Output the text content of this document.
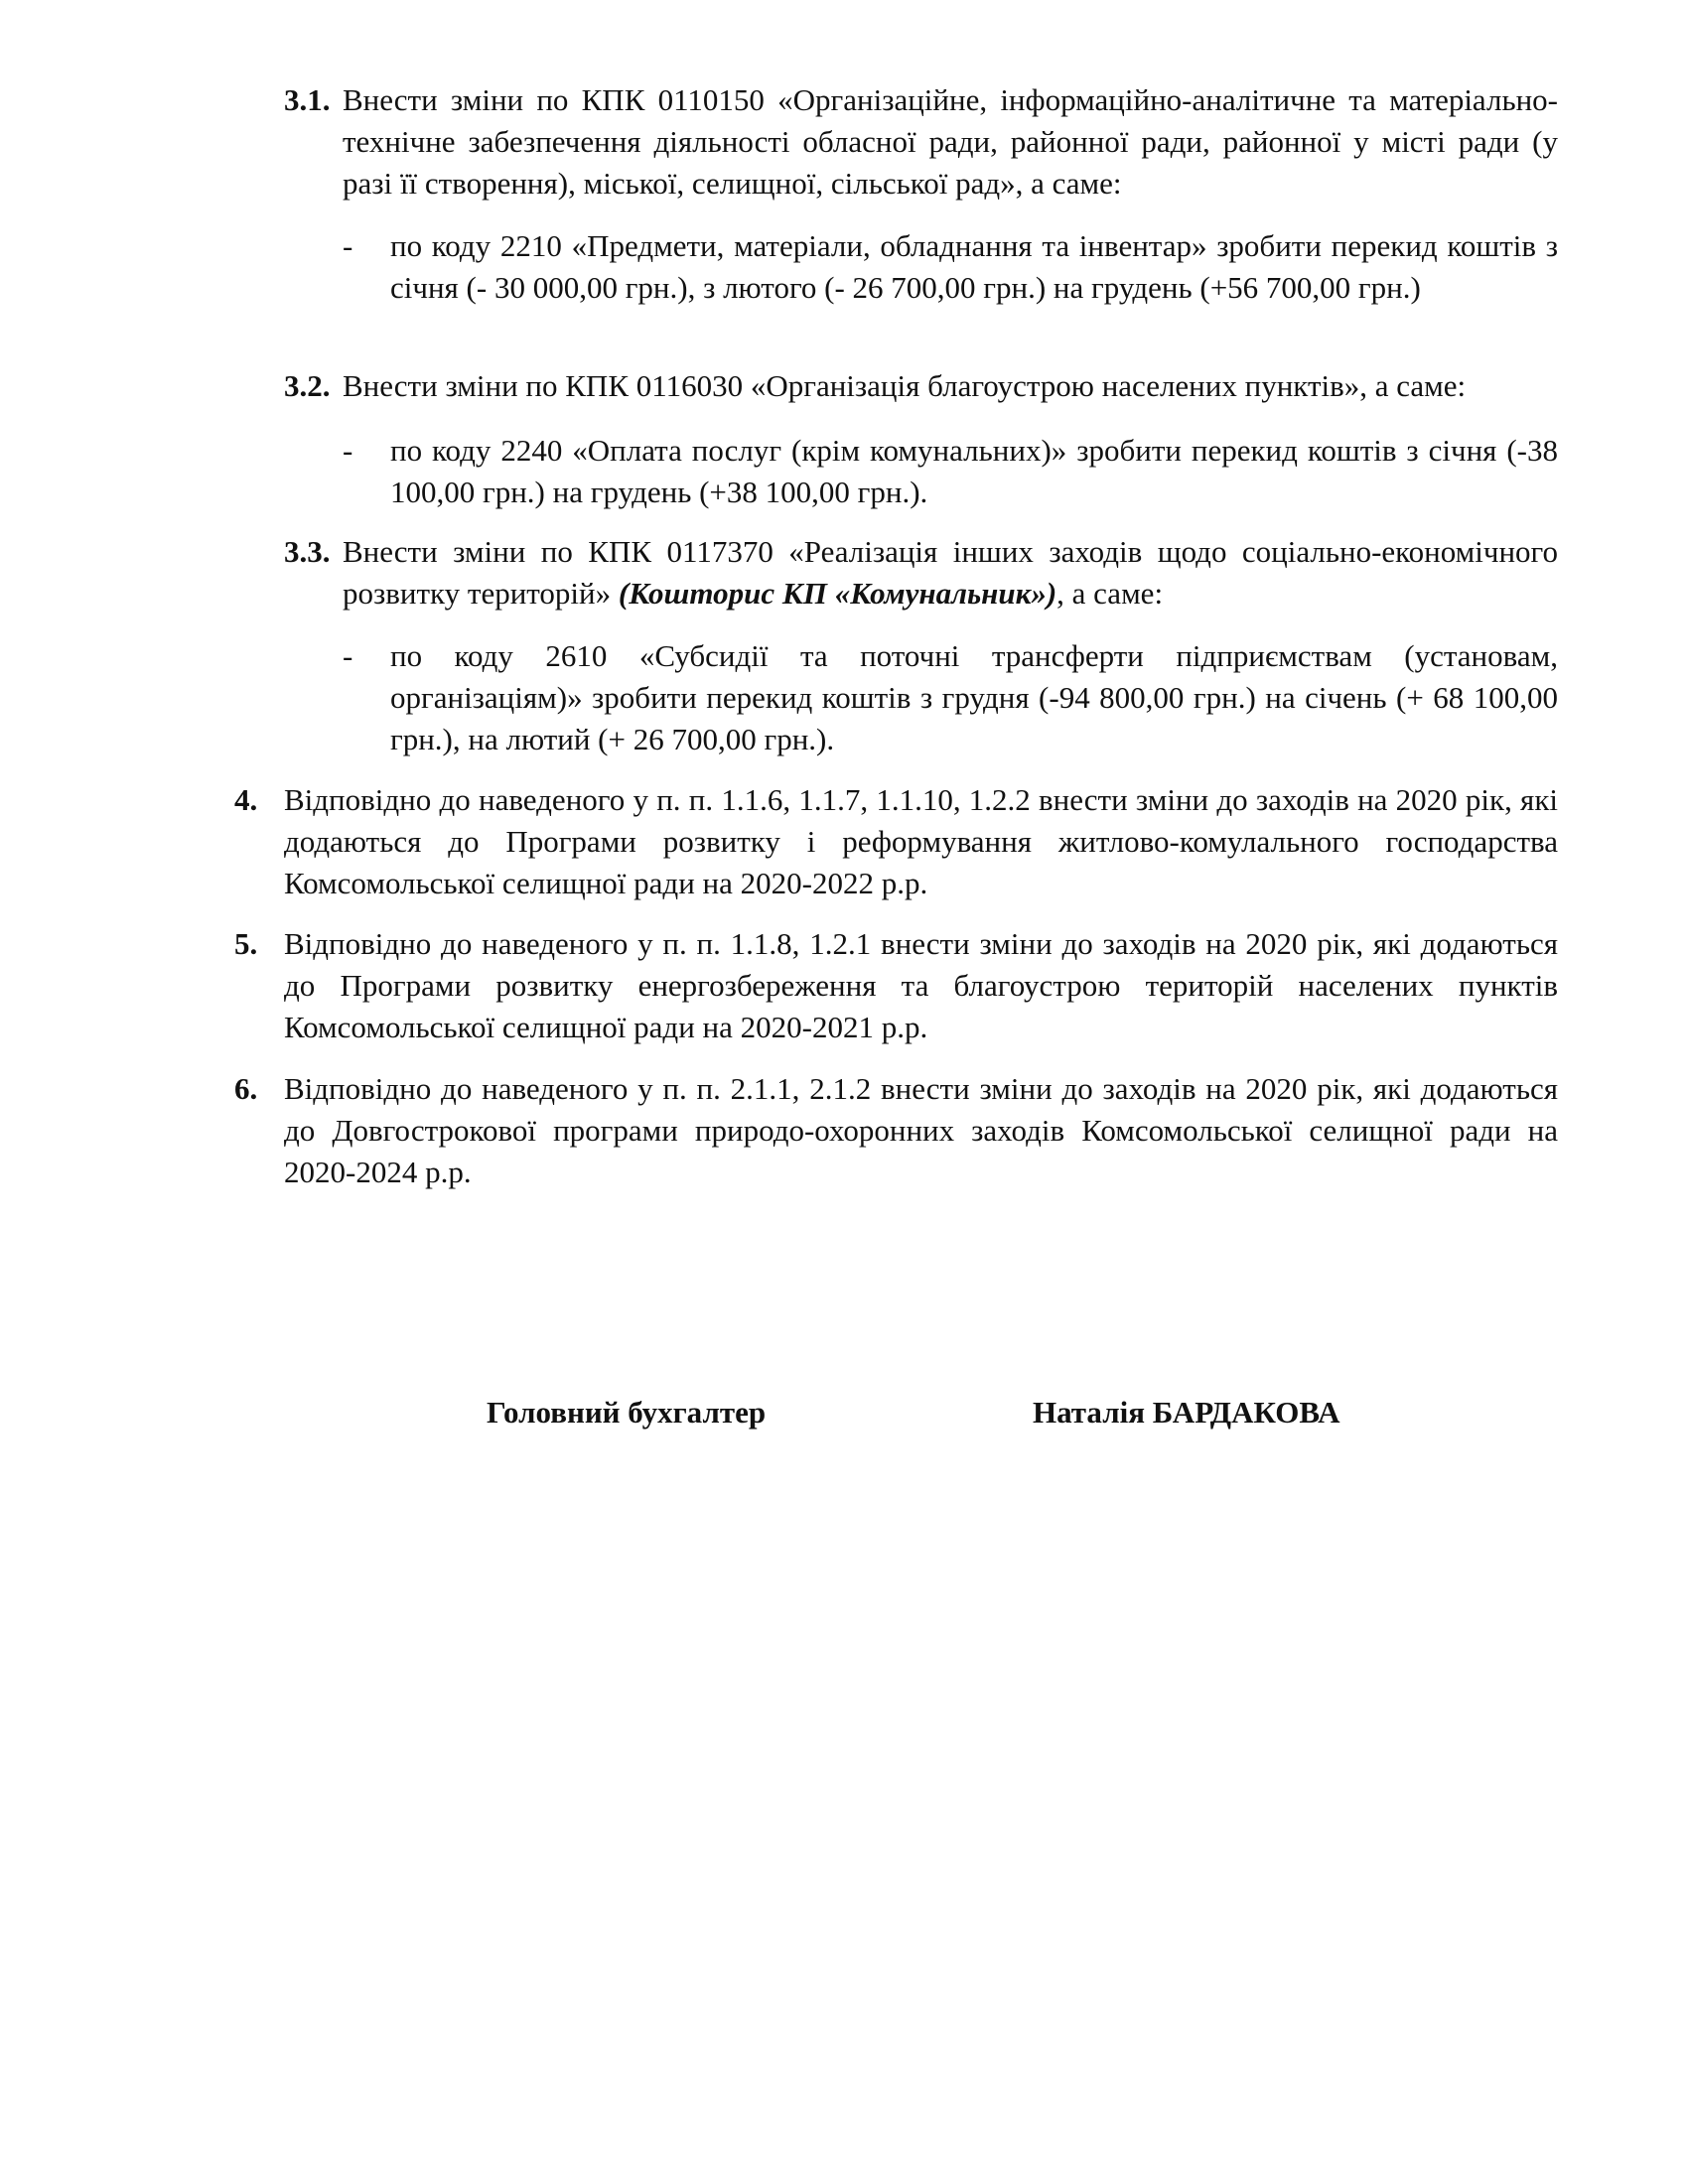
3.1. Внести зміни по КПК 0110150 «Організаційне, інформаційно-аналітичне та матеріально-технічне забезпечення діяльності обласної ради, районної ради, районної у місті ради (у разі її створення), міської, селищної, сільської рад», а саме:
- по коду 2210 «Предмети, матеріали, обладнання та інвентар» зробити перекид коштів з січня (- 30 000,00 грн.), з лютого (- 26 700,00 грн.) на грудень (+56 700,00 грн.)
3.2. Внести зміни по КПК 0116030 «Організація благоустрою населених пунктів», а саме:
- по коду 2240 «Оплата послуг (крім комунальних)» зробити перекид коштів з січня (-38 100,00 грн.) на грудень (+38 100,00 грн.).
3.3. Внести зміни по КПК 0117370 «Реалізація інших заходів щодо соціально-економічного розвитку територій» (Кошторис КП «Комунальник»), а саме:
- по коду 2610 «Субсидії та поточні трансферти підприємствам (установам, організаціям)» зробити перекид коштів з грудня (-94 800,00 грн.) на січень (+ 68 100,00 грн.), на лютий (+ 26 700,00 грн.).
4. Відповідно до наведеного у п. п. 1.1.6, 1.1.7, 1.1.10, 1.2.2 внести зміни до заходів на 2020 рік, які додаються до Програми розвитку і реформування житлово-комулального господарства Комсомольської селищної ради на 2020-2022 р.р.
5. Відповідно до наведеного у п. п. 1.1.8, 1.2.1 внести зміни до заходів на 2020 рік, які додаються до Програми розвитку енергозбереження та благоустрою територій населених пунктів Комсомольської селищної ради на 2020-2021 р.р.
6. Відповідно до наведеного у п. п. 2.1.1, 2.1.2 внести зміни до заходів на 2020 рік, які додаються до Довгострокової програми природо-охоронних заходів Комсомольської селищної ради на 2020-2024 р.р.
Головний бухгалтер	Наталія БАРДАКОВА
